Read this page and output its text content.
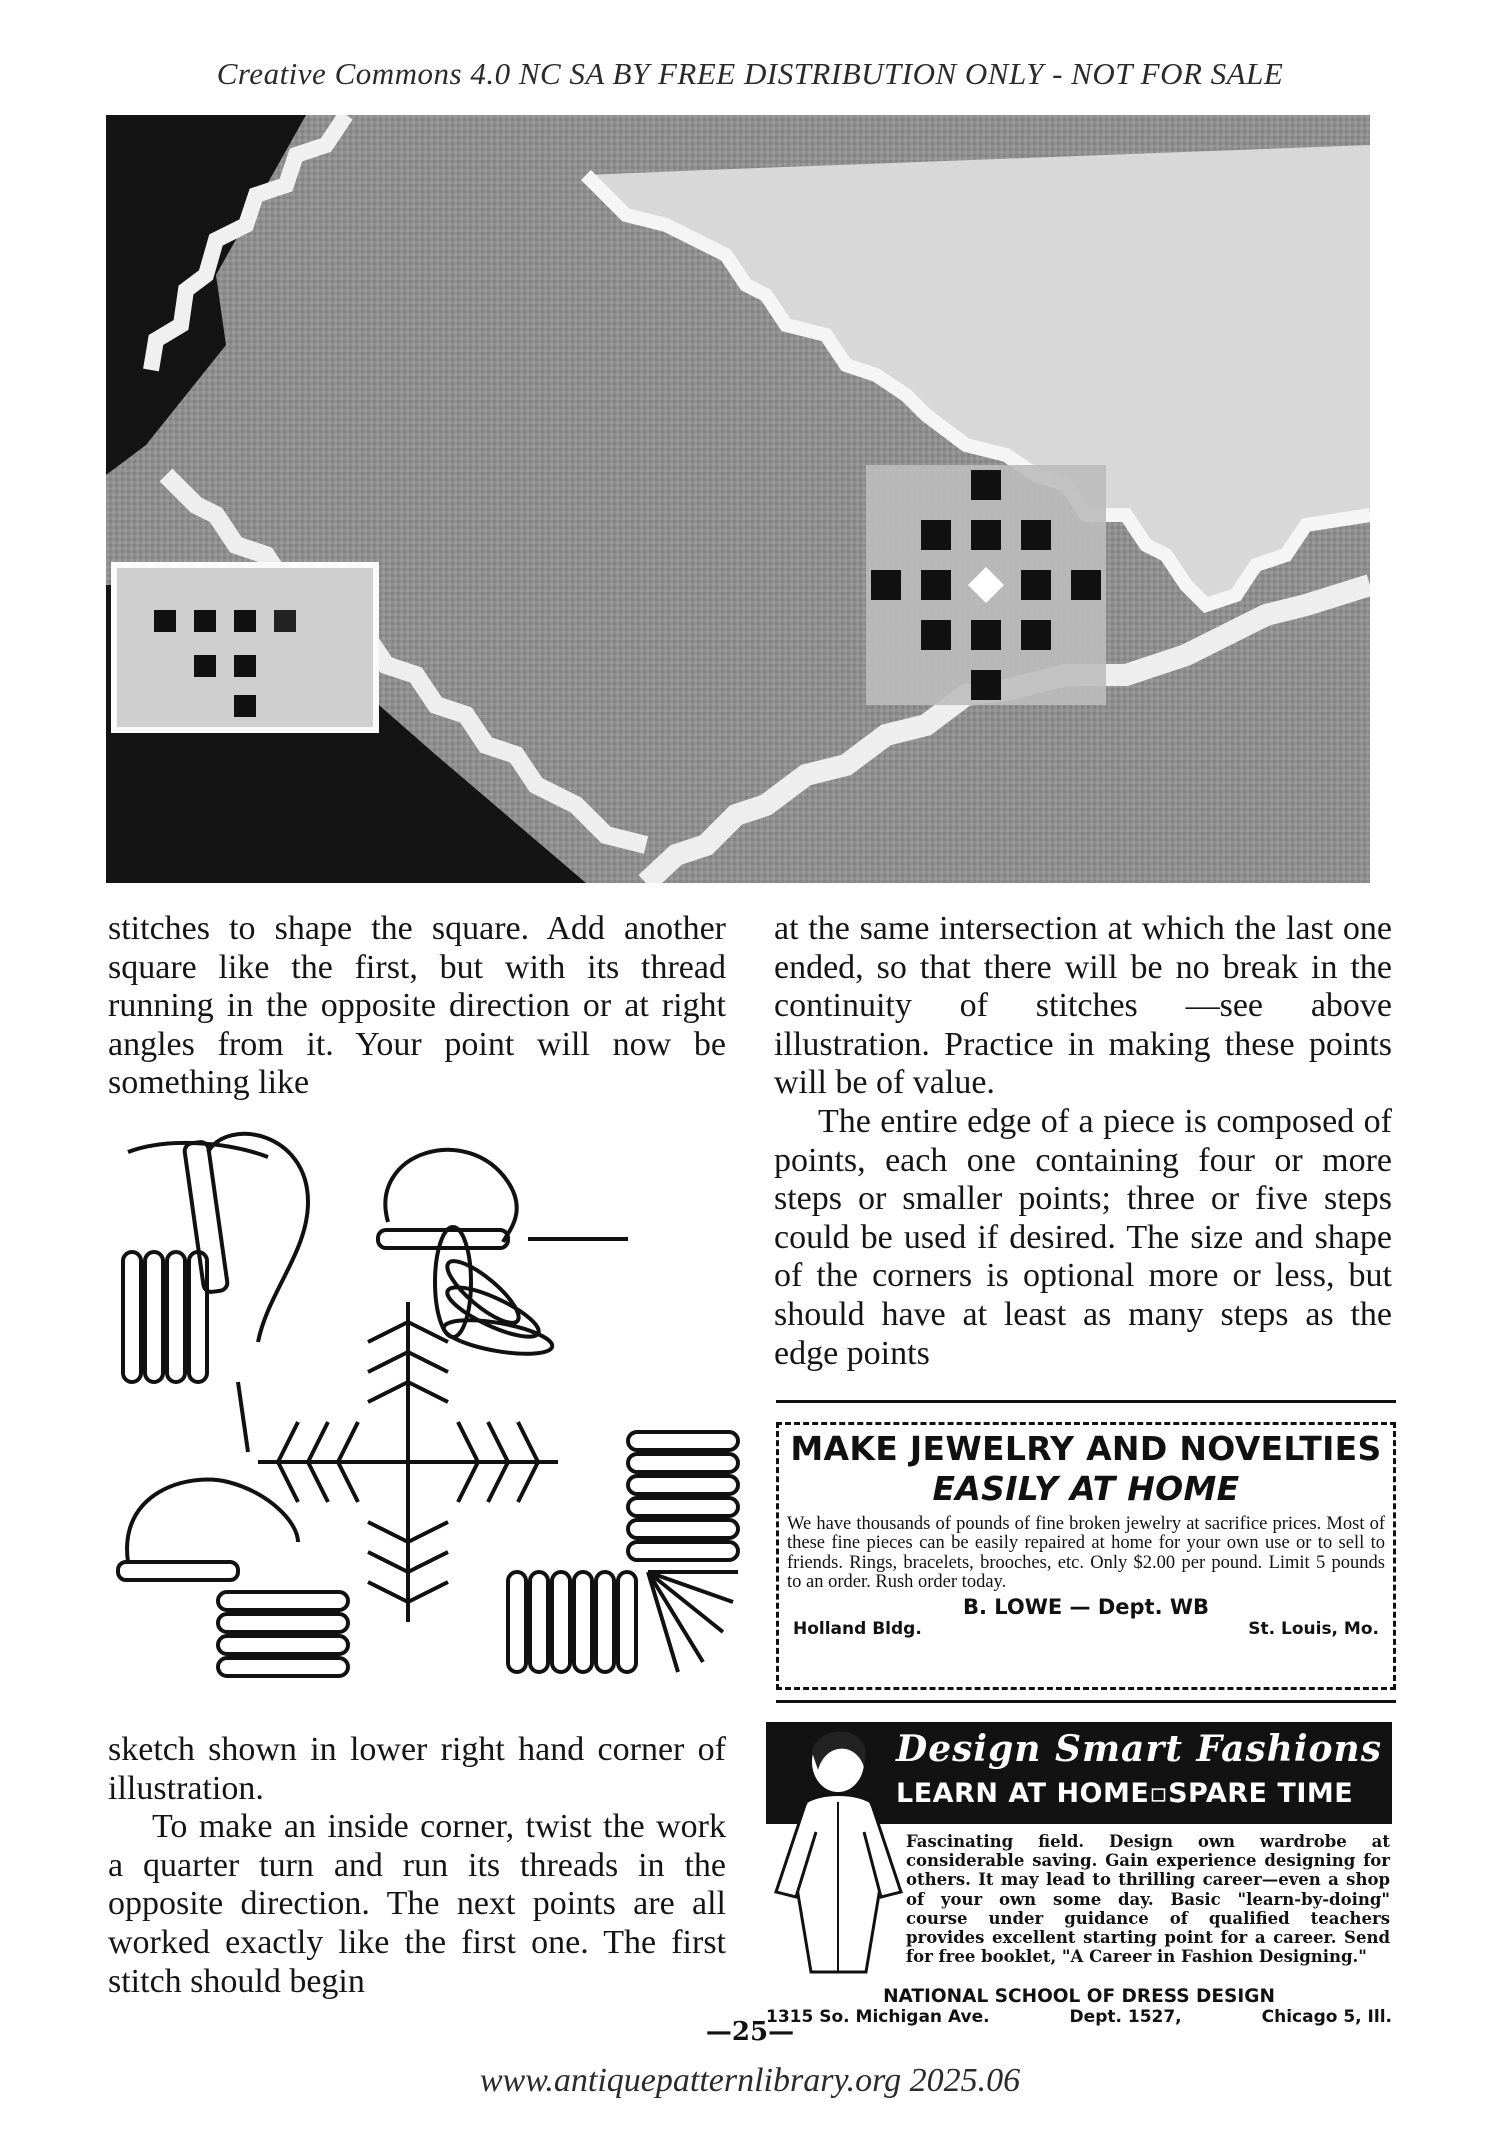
Creative Commons 4.0 NC SA BY FREE DISTRIBUTION ONLY - NOT FOR SALE

stitches to shape the square. Add another square like the first, but with its thread running in the opposite direction or at right angles from it. Your point will now be something like

at the same intersection at which the last one ended, so that there will be no break in the continuity of stitches —see above illustration. Practice in making these points will be of value.

The entire edge of a piece is composed of points, each one containing four or more steps or smaller points; three or five steps could be used if desired. The size and shape of the corners is optional more or less, but should have at least as many steps as the edge points

sketch shown in lower right hand corner of illustration.

To make an inside corner, twist the work a quarter turn and run its threads in the opposite direction. The next points are all worked exactly like the first one. The first stitch should begin

MAKE JEWELRY AND NOVELTIES
EASILY AT HOME
We have thousands of pounds of fine broken jewelry at sacrifice prices. Most of these fine pieces can be easily repaired at home for your own use or to sell to friends. Rings, bracelets, brooches, etc. Only $2.00 per pound. Limit 5 pounds to an order. Rush order today.
B. LOWE — Dept. WB
Holland Bldg.	St. Louis, Mo.
Design Smart Fashions
LEARN AT HOME▫SPARE TIME
Fascinating field. Design own wardrobe at considerable saving. Gain experience designing for others. It may lead to thrilling career—even a shop of your own some day. Basic "learn-by-doing" course under guidance of qualified teachers provides excellent starting point for a career. Send for free booklet, "A Career in Fashion Designing."
NATIONAL SCHOOL OF DRESS DESIGN
1315 So. Michigan Ave.	Dept. 1527,	Chicago 5, Ill.
—25—
www.antiquepatternlibrary.org 2025.06
